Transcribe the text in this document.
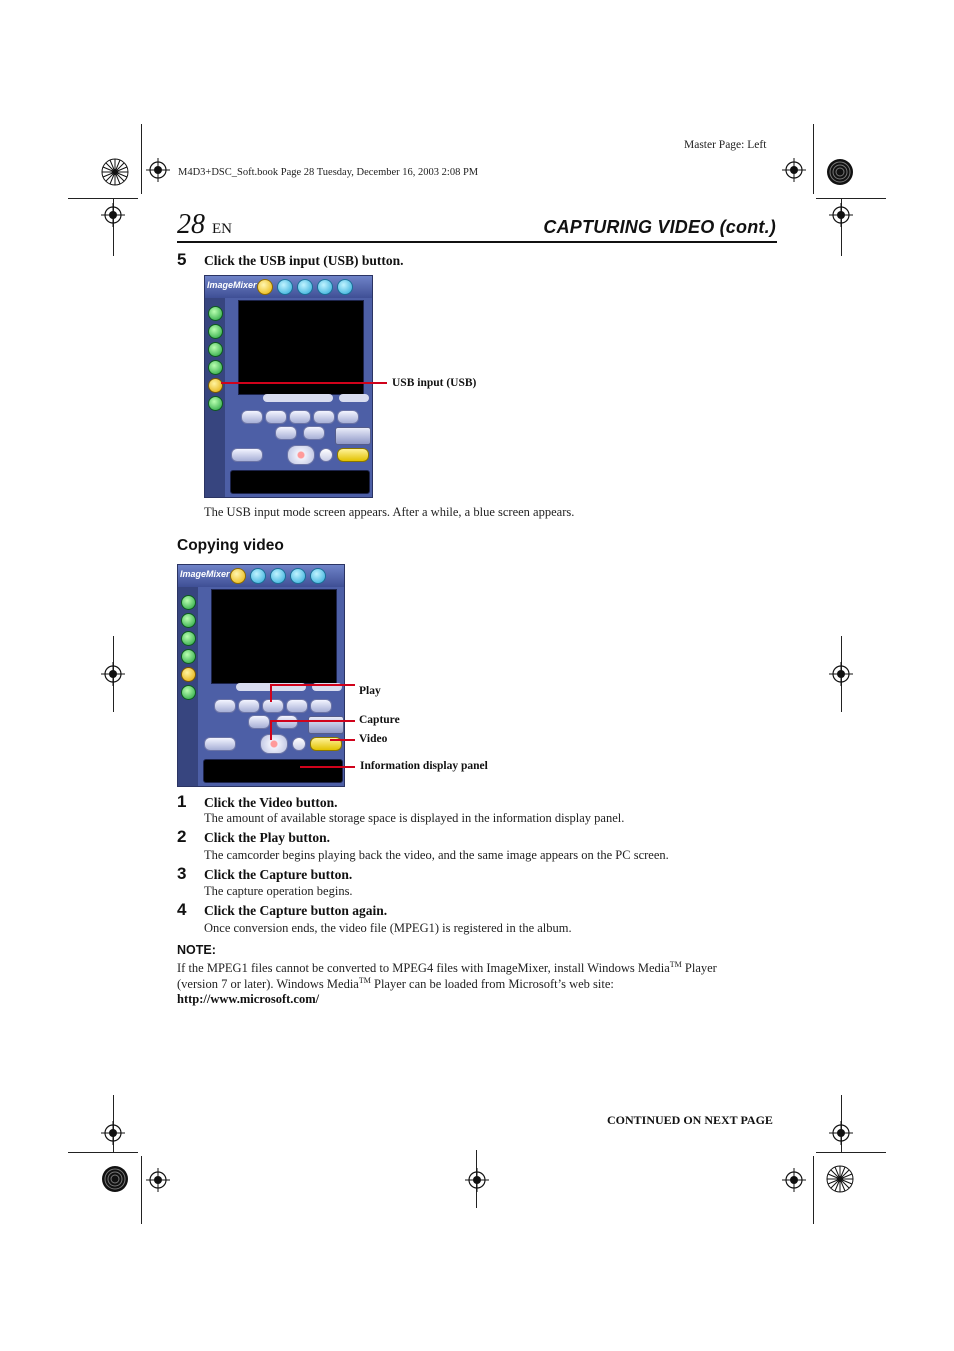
Master Page: Left
M4D3+DSC_Soft.book Page 28 Tuesday, December 16, 2003 2:08 PM
28 EN	CAPTURING VIDEO (cont.)
5 Click the USB input (USB) button.
ImageMixer
USB input (USB)
The USB input mode screen appears. After a while, a blue screen appears.
Copying video
ImageMixer
Play
Capture
Video
Information display panel
1 Click the Video button.
The amount of available storage space is displayed in the information display panel.
2 Click the Play button.
The camcorder begins playing back the video, and the same image appears on the PC screen.
3 Click the Capture button.
The capture operation begins.
4 Click the Capture button again.
Once conversion ends, the video file (MPEG1) is registered in the album.
NOTE:
If the MPEG1 files cannot be converted to MPEG4 files with ImageMixer, install Windows Media™ Player
(version 7 or later). Windows Media™ Player can be loaded from Microsoft’s web site:
http://www.microsoft.com/
CONTINUED ON NEXT PAGE
